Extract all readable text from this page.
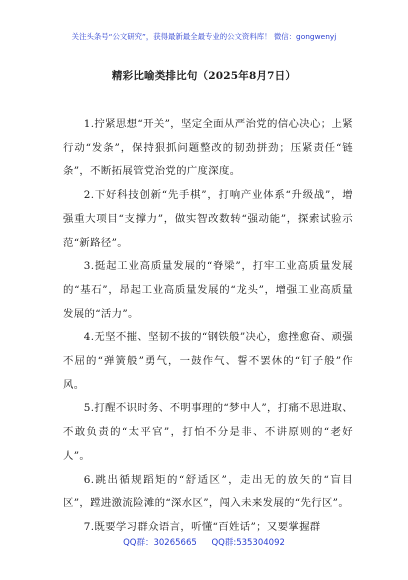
关注头条号“公文研究”，获得最新最全最专业的公文资料库！ 微信：gongwenyj
精彩比喻类排比句（2025年8月7日）

1.拧紧思想“开关”，坚定全面从严治党的信心决心；上紧行动“发条”，保持狠抓问题整改的韧劲拼劲；压紧责任“链条”，不断拓展管党治党的广度深度。

2.下好科技创新“先手棋”，打响产业体系“升级战”，增强重大项目“支撑力”，做实智改数转“强动能”，探索试验示范“新路径”。

3.挺起工业高质量发展的“脊梁”，打牢工业高质量发展的“基石”，昂起工业高质量发展的“龙头”，增强工业高质量发展的“活力”。

4.无坚不摧、坚韧不拔的“钢铁般”决心，愈挫愈奋、顽强不屈的“弹簧般”勇气，一鼓作气、誓不罢休的“钉子般”作风。

5.打醒不识时务、不明事理的“梦中人”，打痛不思进取、不敢负责的“太平官”，打怕不分是非、不讲原则的“老好人”。

6.跳出循规蹈矩的“舒适区”，走出无的放矢的“盲目区”，蹚进激流险滩的“深水区”，闯入未来发展的“先行区”。

7.既要学习群众语言，听懂“百姓话”；又要掌握群

QQ群：30265665 QQ群:535304092
